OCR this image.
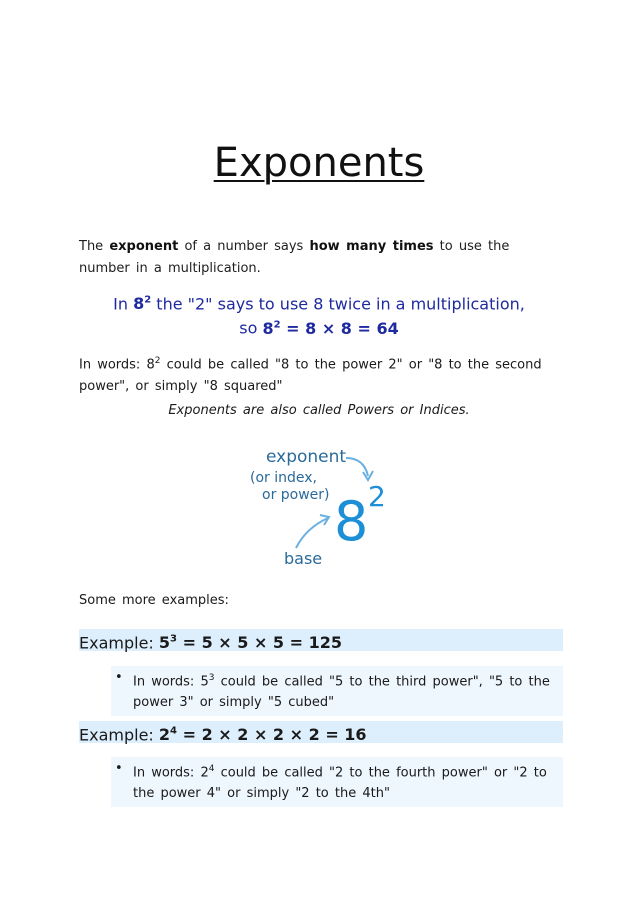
Exponents
The exponent of a number says how many times to use the number in a multiplication.
In $8^2$ the "2" says to use 8 twice in a multiplication,
so $8^2 = 8 \times 8 = 64$
In words: $8^2$ could be called "8 to the power 2" or "8 to the second power", or simply "8 squared"
Exponents are also called Powers or Indices.
exponent
(or index,
or power) 8 2
base
Some more examples:
Example: $5^3 = 5 \times 5 \times 5 = 125$
• In words: $5^3$ could be called "5 to the third power", "5 to the power 3" or simply "5 cubed"
Example: $2^4 = 2 \times 2 \times 2 \times 2 = 16$
• In words: $2^4$ could be called "2 to the fourth power" or "2 to the power 4" or simply "2 to the 4th"
